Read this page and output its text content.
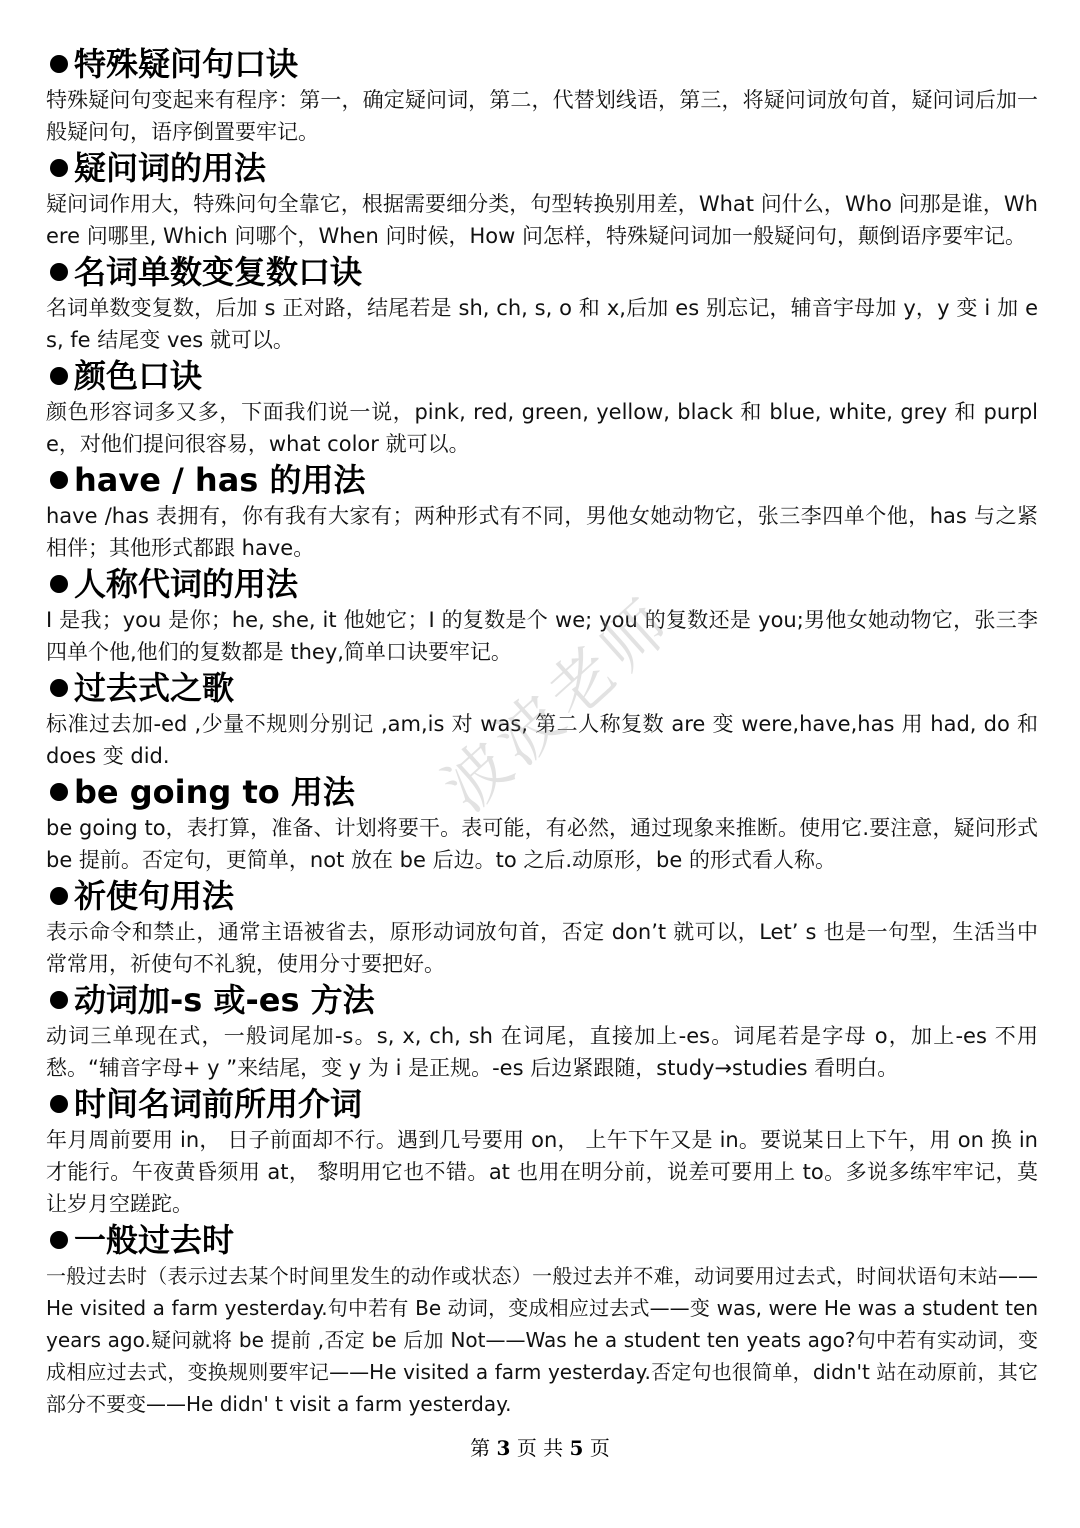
特殊疑问句口诀

特殊疑问句变起来有程序：第一，确定疑问词，第二，代替划线语，第三，将疑问词放句首，疑问词后加一般疑问句，语序倒置要牢记。

疑问词的用法

疑问词作用大，特殊问句全靠它，根据需要细分类，句型转换别用差，What 问什么，Who 问那是谁，Where 问哪里, Which 问哪个，When 问时候，How 问怎样，特殊疑问词加一般疑问句，颠倒语序要牢记。

名词单数变复数口诀

名词单数变复数，后加 s 正对路，结尾若是 sh, ch, s, o 和 x,后加 es 别忘记，辅音宇母加 y，y 变 i 加 es, fe 结尾变 ves 就可以。

颜色口诀

颜色形容词多又多，下面我们说一说，pink, red, green, yellow, black 和 blue, white, grey 和 purple，对他们提问很容易，what color 就可以。

have / has 的用法

have /has 表拥有，你有我有大家有；两种形式有不同，男他女她动物它，张三李四单个他，has 与之紧相伴；其他形式都跟 have。

人称代词的用法

I 是我；you 是你；he, she, it 他她它；I 的复数是个 we; you 的复数还是 you;男他女她动物它，张三李四单个他,他们的复数都是 they,简单口诀要牢记。

过去式之歌

标准过去加-ed ,少量不规则分别记 ,am,is 对 was, 第二人称复数 are 变 were,have,has 用 had, do 和 does 变 did.

be going to 用法

be going to，表打算，准备、计划将要干。表可能，有必然，通过现象来推断。使用它.要注意，疑问形式 be 提前。否定句，更简单，not 放在 be 后边。to 之后.动原形，be 的形式看人称。

祈使句用法

表示命令和禁止，通常主语被省去，原形动词放句首，否定 don’t 就可以，Let’ s 也是一句型，生活当中常常用，祈使句不礼貌，使用分寸要把好。

动词加-s 或-es 方法

动词三单现在式，一般词尾加-s。s, x, ch, sh 在词尾，直接加上-es。词尾若是字母 o，加上-es 不用愁。“辅音字母+ y ”来结尾，变 y 为 i 是正规。-es 后边紧跟随，study→studies 看明白。

时间名词前所用介词

年月周前要用 in， 日子前面却不行。遇到几号要用 on， 上午下午又是 in。要说某日上下午，用 on 换 in 才能行。午夜黄昏须用 at， 黎明用它也不错。at 也用在明分前，说差可要用上 to。多说多练牢牢记，莫让岁月空蹉跎。

一般过去时

一般过去时（表示过去某个时间里发生的动作或状态）一般过去并不难，动词要用过去式，时间状语句末站——He visited a farm yesterday.句中若有 Be 动词，变成相应过去式——变 was, were He was a student ten years ago.疑问就将 be 提前 ,否定 be 后加 Not——Was he a student ten yeats ago?句中若有实动词，变成相应过去式，变换规则要牢记——He visited a farm yesterday.否定句也很简单，didn't 站在动原前，其它部分不要变——He didn' t visit a farm yesterday.

波波老师
第 3 页 共 5 页
